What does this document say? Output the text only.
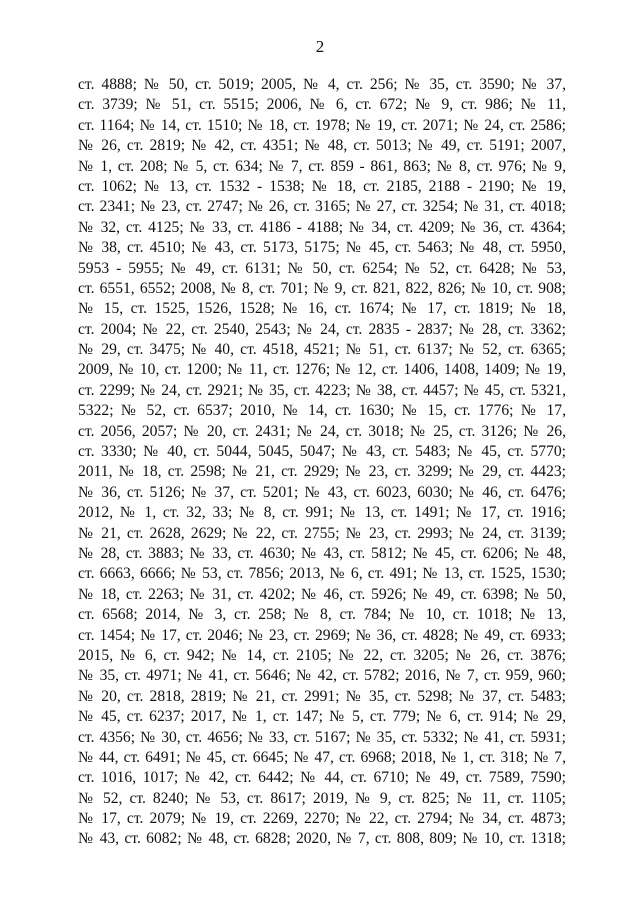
2
ст. 4888; № 50, ст. 5019; 2005, № 4, ст. 256; № 35, ст. 3590; № 37,
ст. 3739; № 51, ст. 5515; 2006, № 6, ст. 672; № 9, ст. 986; № 11,
ст. 1164; № 14, ст. 1510; № 18, ст. 1978; № 19, ст. 2071; № 24, ст. 2586;
№ 26, ст. 2819; № 42, ст. 4351; № 48, ст. 5013; № 49, ст. 5191; 2007,
№ 1, ст. 208; № 5, ст. 634; № 7, ст. 859 - 861, 863; № 8, ст. 976; № 9,
ст. 1062; № 13, ст. 1532 - 1538; № 18, ст. 2185, 2188 - 2190; № 19,
ст. 2341; № 23, ст. 2747; № 26, ст. 3165; № 27, ст. 3254; № 31, ст. 4018;
№ 32, ст. 4125; № 33, ст. 4186 - 4188; № 34, ст. 4209; № 36, ст. 4364;
№ 38, ст. 4510; № 43, ст. 5173, 5175; № 45, ст. 5463; № 48, ст. 5950,
5953 - 5955; № 49, ст. 6131; № 50, ст. 6254; № 52, ст. 6428; № 53,
ст. 6551, 6552; 2008, № 8, ст. 701; № 9, ст. 821, 822, 826; № 10, ст. 908;
№ 15, ст. 1525, 1526, 1528; № 16, ст. 1674; № 17, ст. 1819; № 18,
ст. 2004; № 22, ст. 2540, 2543; № 24, ст. 2835 - 2837; № 28, ст. 3362;
№ 29, ст. 3475; № 40, ст. 4518, 4521; № 51, ст. 6137; № 52, ст. 6365;
2009, № 10, ст. 1200; № 11, ст. 1276; № 12, ст. 1406, 1408, 1409; № 19,
ст. 2299; № 24, ст. 2921; № 35, ст. 4223; № 38, ст. 4457; № 45, ст. 5321,
5322; № 52, ст. 6537; 2010, № 14, ст. 1630; № 15, ст. 1776; № 17,
ст. 2056, 2057; № 20, ст. 2431; № 24, ст. 3018; № 25, ст. 3126; № 26,
ст. 3330; № 40, ст. 5044, 5045, 5047; № 43, ст. 5483; № 45, ст. 5770;
2011, № 18, ст. 2598; № 21, ст. 2929; № 23, ст. 3299; № 29, ст. 4423;
№ 36, ст. 5126; № 37, ст. 5201; № 43, ст. 6023, 6030; № 46, ст. 6476;
2012, № 1, ст. 32, 33; № 8, ст. 991; № 13, ст. 1491; № 17, ст. 1916;
№ 21, ст. 2628, 2629; № 22, ст. 2755; № 23, ст. 2993; № 24, ст. 3139;
№ 28, ст. 3883; № 33, ст. 4630; № 43, ст. 5812; № 45, ст. 6206; № 48,
ст. 6663, 6666; № 53, ст. 7856; 2013, № 6, ст. 491; № 13, ст. 1525, 1530;
№ 18, ст. 2263; № 31, ст. 4202; № 46, ст. 5926; № 49, ст. 6398; № 50,
ст. 6568; 2014, № 3, ст. 258; № 8, ст. 784; № 10, ст. 1018; № 13,
ст. 1454; № 17, ст. 2046; № 23, ст. 2969; № 36, ст. 4828; № 49, ст. 6933;
2015, № 6, ст. 942; № 14, ст. 2105; № 22, ст. 3205; № 26, ст. 3876;
№ 35, ст. 4971; № 41, ст. 5646; № 42, ст. 5782; 2016, № 7, ст. 959, 960;
№ 20, ст. 2818, 2819; № 21, ст. 2991; № 35, ст. 5298; № 37, ст. 5483;
№ 45, ст. 6237; 2017, № 1, ст. 147; № 5, ст. 779; № 6, ст. 914; № 29,
ст. 4356; № 30, ст. 4656; № 33, ст. 5167; № 35, ст. 5332; № 41, ст. 5931;
№ 44, ст. 6491; № 45, ст. 6645; № 47, ст. 6968; 2018, № 1, ст. 318; № 7,
ст. 1016, 1017; № 42, ст. 6442; № 44, ст. 6710; № 49, ст. 7589, 7590;
№ 52, ст. 8240; № 53, ст. 8617; 2019, № 9, ст. 825; № 11, ст. 1105;
№ 17, ст. 2079; № 19, ст. 2269, 2270; № 22, ст. 2794; № 34, ст. 4873;
№ 43, ст. 6082; № 48, ст. 6828; 2020, № 7, ст. 808, 809; № 10, ст. 1318;
